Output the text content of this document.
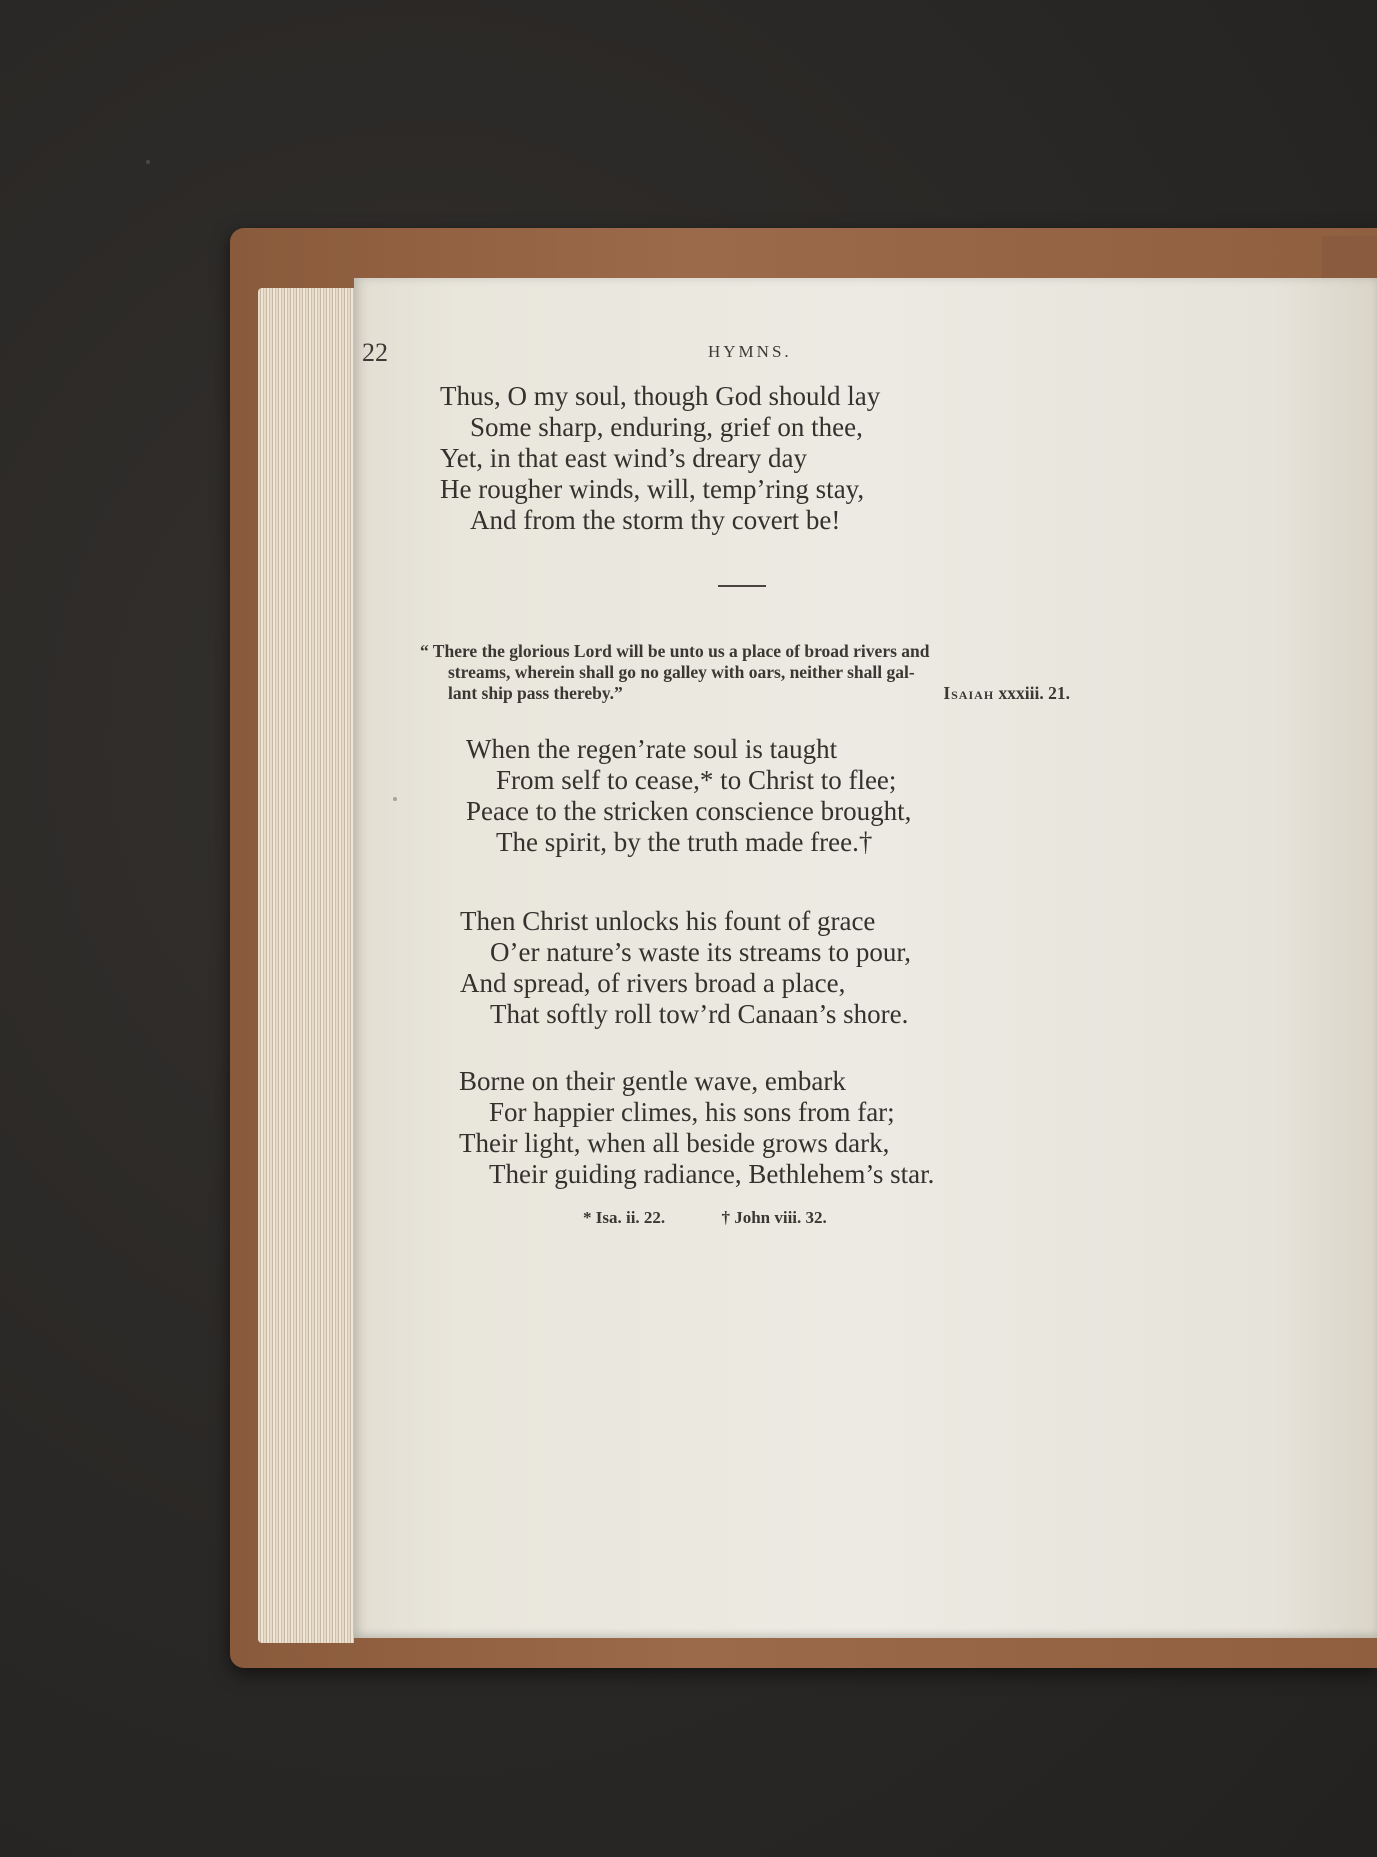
22	HYMNS.
Thus, O my soul, though God should lay
Some sharp, enduring, grief on thee,
Yet, in that east wind’s dreary day
He rougher winds, will, temp’ring stay,
And from the storm thy covert be!
“ There the glorious Lord will be unto us a place of broad rivers and
streams, wherein shall go no galley with oars, neither shall gal-
lant ship pass thereby.”	Isaiah xxxiii. 21.
When the regen’rate soul is taught
From self to cease,* to Christ to flee;
Peace to the stricken conscience brought,
The spirit, by the truth made free.†
Then Christ unlocks his fount of grace
O’er nature’s waste its streams to pour,
And spread, of rivers broad a place,
That softly roll tow’rd Canaan’s shore.
Borne on their gentle wave, embark
For happier climes, his sons from far;
Their light, when all beside grows dark,
Their guiding radiance, Bethlehem’s star.
* Isa. ii. 22.	† John viii. 32.
